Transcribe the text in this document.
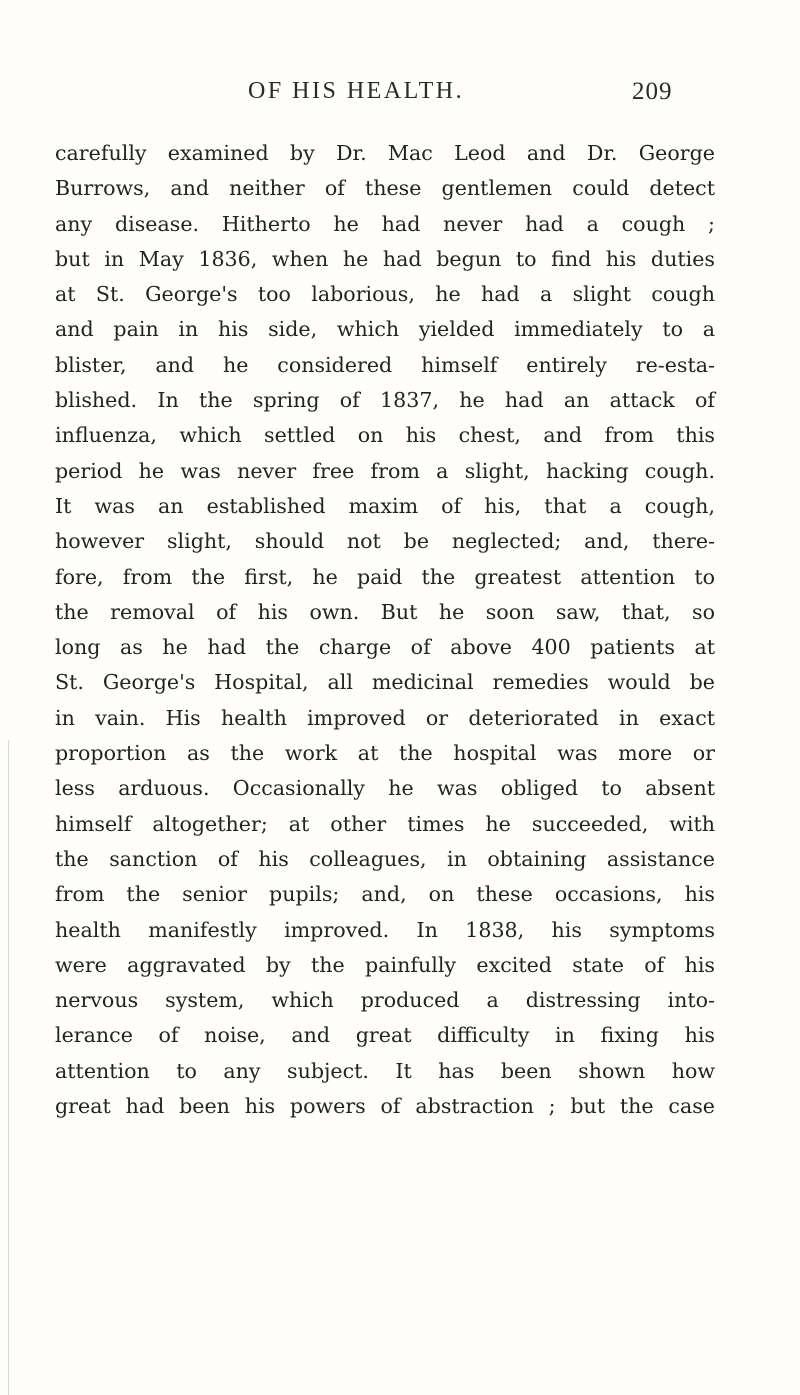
OF HIS HEALTH.	209
carefully examined by Dr. Mac Leod and Dr. George
Burrows, and neither of these gentlemen could detect
any disease. Hitherto he had never had a cough ;
but in May 1836, when he had begun to find his duties
at St. George's too laborious, he had a slight cough
and pain in his side, which yielded immediately to a
blister, and he considered himself entirely re-esta-
blished. In the spring of 1837, he had an attack of
influenza, which settled on his chest, and from this
period he was never free from a slight, hacking cough.
It was an established maxim of his, that a cough,
however slight, should not be neglected; and, there-
fore, from the first, he paid the greatest attention to
the removal of his own. But he soon saw, that, so
long as he had the charge of above 400 patients at
St. George's Hospital, all medicinal remedies would be
in vain. His health improved or deteriorated in exact
proportion as the work at the hospital was more or
less arduous. Occasionally he was obliged to absent
himself altogether; at other times he succeeded, with
the sanction of his colleagues, in obtaining assistance
from the senior pupils; and, on these occasions, his
health manifestly improved. In 1838, his symptoms
were aggravated by the painfully excited state of his
nervous system, which produced a distressing into-
lerance of noise, and great difficulty in fixing his
attention to any subject. It has been shown how
great had been his powers of abstraction ; but the case
